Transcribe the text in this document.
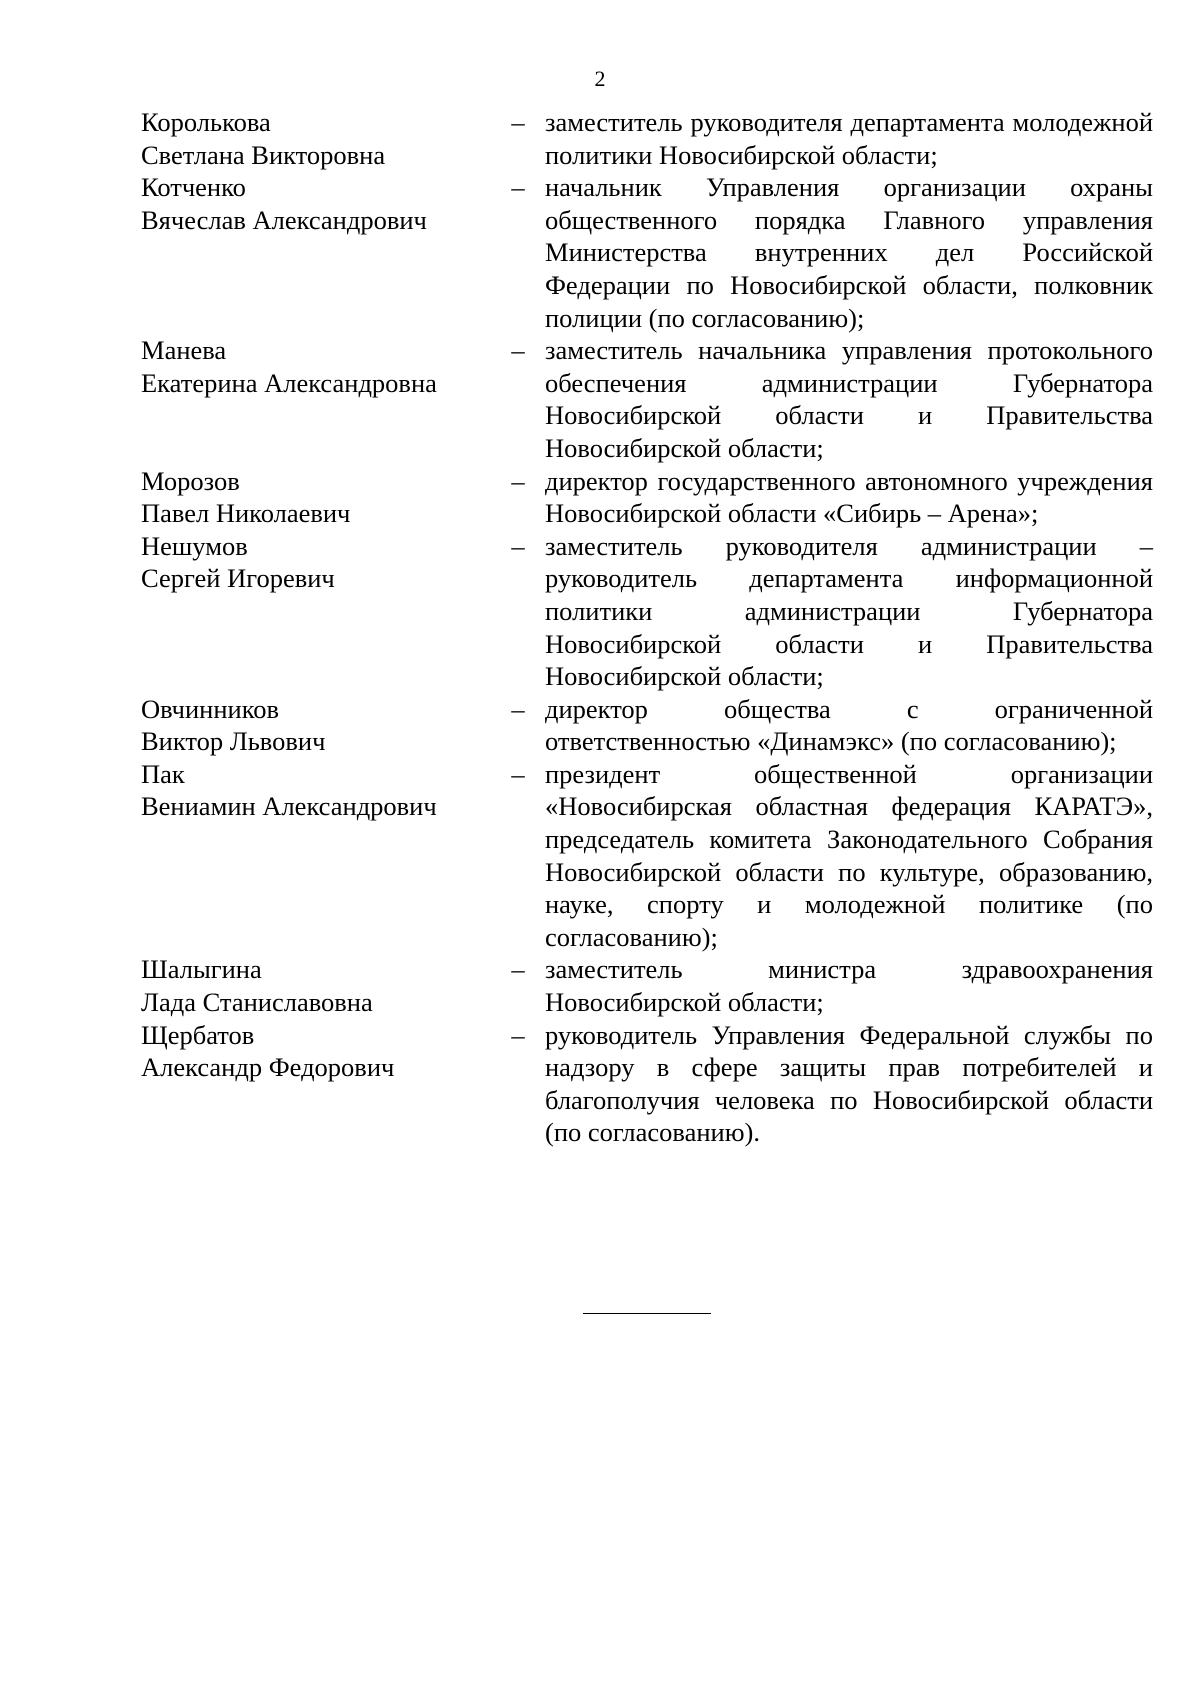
2
Королькова
Светлана Викторовна
– заместитель руководителя департамента молодежной политики Новосибирской области;
Котченко
Вячеслав Александрович
– начальник Управления организации охраны общественного порядка Главного управления Министерства внутренних дел Российской Федерации по Новосибирской области, полковник полиции (по согласованию);
Манева
Екатерина Александровна
– заместитель начальника управления протокольного обеспечения администрации Губернатора Новосибирской области и Правительства Новосибирской области;
Морозов
Павел Николаевич
– директор государственного автономного учреждения Новосибирской области «Сибирь – Арена»;
Нешумов
Сергей Игоревич
– заместитель руководителя администрации – руководитель департамента информационной политики администрации Губернатора Новосибирской области и Правительства Новосибирской области;
Овчинников
Виктор Львович
– директор общества с ограниченной ответственностью «Динамэкс» (по согласованию);
Пак
Вениамин Александрович
– президент общественной организации «Новосибирская областная федерация КАРАТЭ», председатель комитета Законодательного Собрания Новосибирской области по культуре, образованию, науке, спорту и молодежной политике (по согласованию);
Шалыгина
Лада Станиславовна
– заместитель министра здравоохранения Новосибирской области;
Щербатов
Александр Федорович
– руководитель Управления Федеральной службы по надзору в сфере защиты прав потребителей и благополучия человека по Новосибирской области (по согласованию).
